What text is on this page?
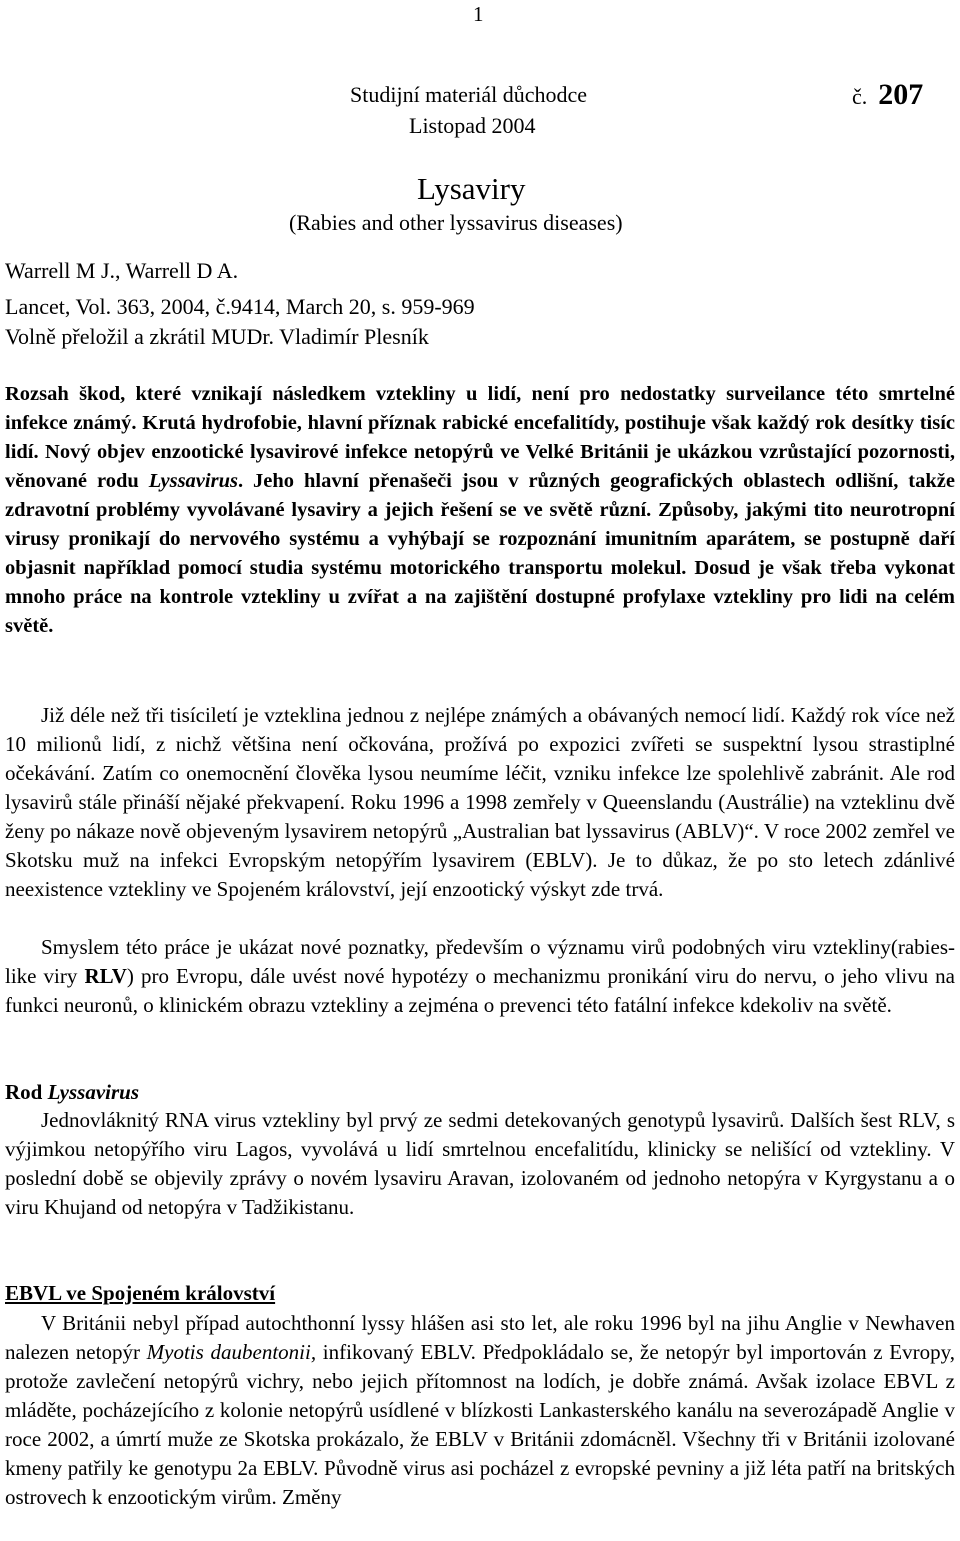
1
Studijní materiál důchodce	č. 207
Listopad 2004
Lysaviry
(Rabies and other lyssavirus diseases)
Warrell M J., Warrell D A.
Lancet, Vol. 363, 2004, č.9414, March 20, s. 959-969
Volně přeložil a zkrátil MUDr. Vladimír Plesník

Rozsah škod, které vznikají následkem vztekliny u lidí, není pro nedostatky surveilance této smrtelné infekce známý. Krutá hydrofobie, hlavní příznak rabické encefalitídy, postihuje však každý rok desítky tisíc lidí. Nový objev enzootické lysavirové infekce netopýrů ve Velké Británii je ukázkou vzrůstající pozornosti, věnované rodu Lyssavirus. Jeho hlavní přenašeči jsou v různých geografických oblastech odlišní, takže zdravotní problémy vyvolávané lysaviry a jejich řešení se ve světě různí. Způsoby, jakými tito neurotropní virusy pronikají do nervového systému a vyhýbají se rozpoznání imunitním aparátem, se postupně daří objasnit například pomocí studia systému motorického transportu molekul. Dosud je však třeba vykonat mnoho práce na kontrole vztekliny u zvířat a na zajištění dostupné profylaxe vztekliny pro lidi na celém světě.

Již déle než tři tisíciletí je vzteklina jednou z nejlépe známých a obávaných nemocí lidí. Každý rok více než 10 milionů lidí, z nichž většina není očkována, prožívá po expozici zvířeti se suspektní lysou strastiplné očekávání. Zatím co onemocnění člověka lysou neumíme léčit, vzniku infekce lze spolehlivě zabránit. Ale rod lysavirů stále přináší nějaké překvapení. Roku 1996 a 1998 zemřely v Queenslandu (Austrálie) na vzteklinu dvě ženy po nákaze nově objeveným lysavirem netopýrů „Australian bat lyssavirus (ABLV)“. V roce 2002 zemřel ve Skotsku muž na infekci Evropským netopýřím lysavirem (EBLV). Je to důkaz, že po sto letech zdánlivé neexistence vztekliny ve Spojeném království, její enzootický výskyt zde trvá.

Smyslem této práce je ukázat nové poznatky, především o významu virů podobných viru vztekliny(rabies-like viry RLV) pro Evropu, dále uvést nové hypotézy o mechanizmu pronikání viru do nervu, o jeho vlivu na funkci neuronů, o klinickém obrazu vztekliny a zejména o prevenci této fatální infekce kdekoliv na světě.

Rod Lyssavirus

Jednovláknitý RNA virus vztekliny byl prvý ze sedmi detekovaných genotypů lysavirů. Dalších šest RLV, s výjimkou netopýřího viru Lagos, vyvolává u lidí smrtelnou encefalitídu, klinicky se nelišící od vztekliny. V poslední době se objevily zprávy o novém lysaviru Aravan, izolovaném od jednoho netopýra v Kyrgystanu a o viru Khujand od netopýra v Tadžikistanu.

EBVL ve Spojeném království

V Británii nebyl případ autochthonní lyssy hlášen asi sto let, ale roku 1996 byl na jihu Anglie v Newhaven nalezen netopýr Myotis daubentonii, infikovaný EBLV. Předpokládalo se, že netopýr byl importován z Evropy, protože zavlečení netopýrů vichry, nebo jejich přítomnost na lodích, je dobře známá. Avšak izolace EBVL z mláděte, pocházejícího z kolonie netopýrů usídlené v blízkosti Lankasterského kanálu na severozápadě Anglie v roce 2002, a úmrtí muže ze Skotska prokázalo, že EBLV v Británii zdomácněl. Všechny tři v Británii izolované kmeny patřily ke genotypu 2a EBLV. Původně virus asi pocházel z evropské pevniny a již léta patří na britských ostrovech k enzootickým virům. Změny
